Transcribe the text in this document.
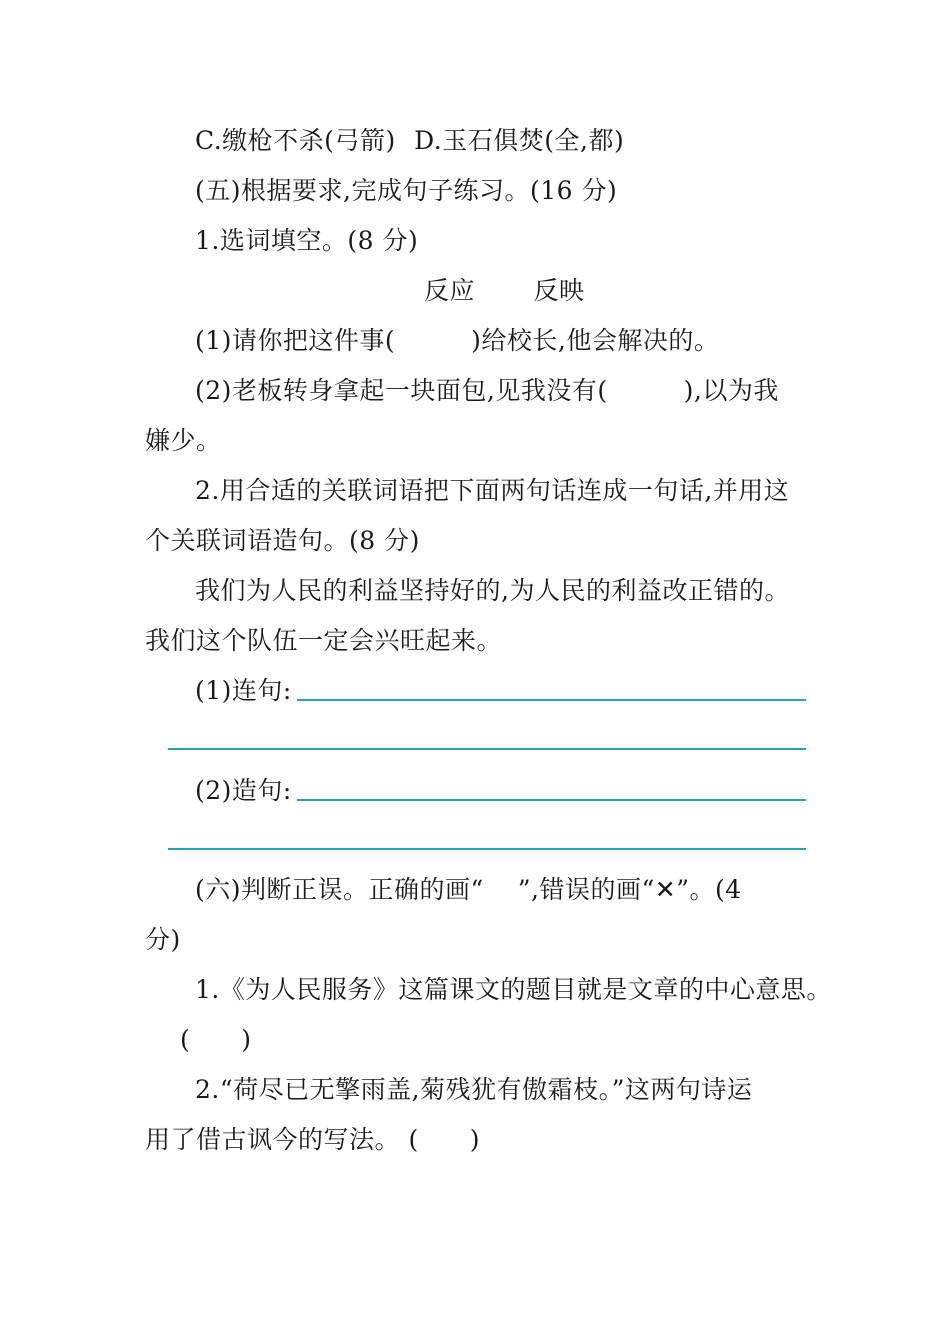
C.缴枪不杀(弓箭) D.玉石俱焚(全,都)
(五)根据要求,完成句子练习。(16 分)
1.选词填空。(8 分)
反应 反映
(1)请你把这件事(	)给校长,他会解决的。
(2)老板转身拿起一块面包,见我没有(	),以为我
嫌少。
2.用合适的关联词语把下面两句话连成一句话,并用这
个关联词语造句。(8 分)
我们为人民的利益坚持好的,为人民的利益改正错的。
我们这个队伍一定会兴旺起来。
(1)连句:
(2)造句:
(六)判断正误。正确的画“　 ”,错误的画“✕”。(4
分)
1.《为人民服务》这篇课文的题目就是文章的中心意思。
(　　)
2.“荷尽已无擎雨盖,菊残犹有傲霜枝。”这两句诗运
用了借古讽今的写法。 (　　)
